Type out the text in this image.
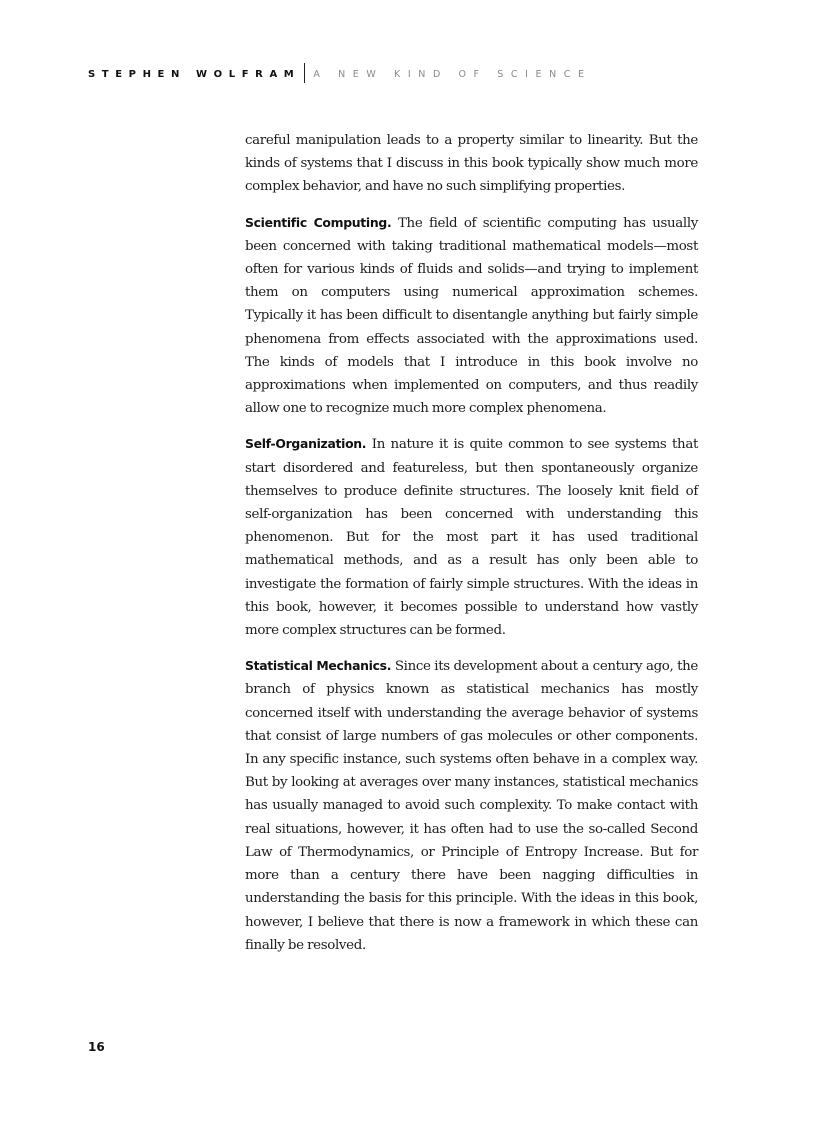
STEPHEN WOLFRAM A NEW KIND OF SCIENCE

careful manipulation leads to a property similar to linearity. But the kinds of systems that I discuss in this book typically show much more complex behavior, and have no such simplifying properties.

Scientific Computing. The field of scientific computing has usually been concerned with taking traditional mathematical models—most often for various kinds of fluids and solids—and trying to implement them on computers using numerical approximation schemes. Typically it has been difficult to disentangle anything but fairly simple phenomena from effects associated with the approximations used. The kinds of models that I introduce in this book involve no approximations when implemented on computers, and thus readily allow one to recognize much more complex phenomena.

Self-Organization. In nature it is quite common to see systems that start disordered and featureless, but then spontaneously organize themselves to produce definite structures. The loosely knit field of self-organization has been concerned with understanding this phenomenon. But for the most part it has used traditional mathematical methods, and as a result has only been able to investigate the formation of fairly simple structures. With the ideas in this book, however, it becomes possible to understand how vastly more complex structures can be formed.

Statistical Mechanics. Since its development about a century ago, the branch of physics known as statistical mechanics has mostly concerned itself with understanding the average behavior of systems that consist of large numbers of gas molecules or other components. In any specific instance, such systems often behave in a complex way. But by looking at averages over many instances, statistical mechanics has usually managed to avoid such complexity. To make contact with real situations, however, it has often had to use the so-called Second Law of Thermodynamics, or Principle of Entropy Increase. But for more than a century there have been nagging difficulties in understanding the basis for this principle. With the ideas in this book, however, I believe that there is now a framework in which these can finally be resolved.

16
